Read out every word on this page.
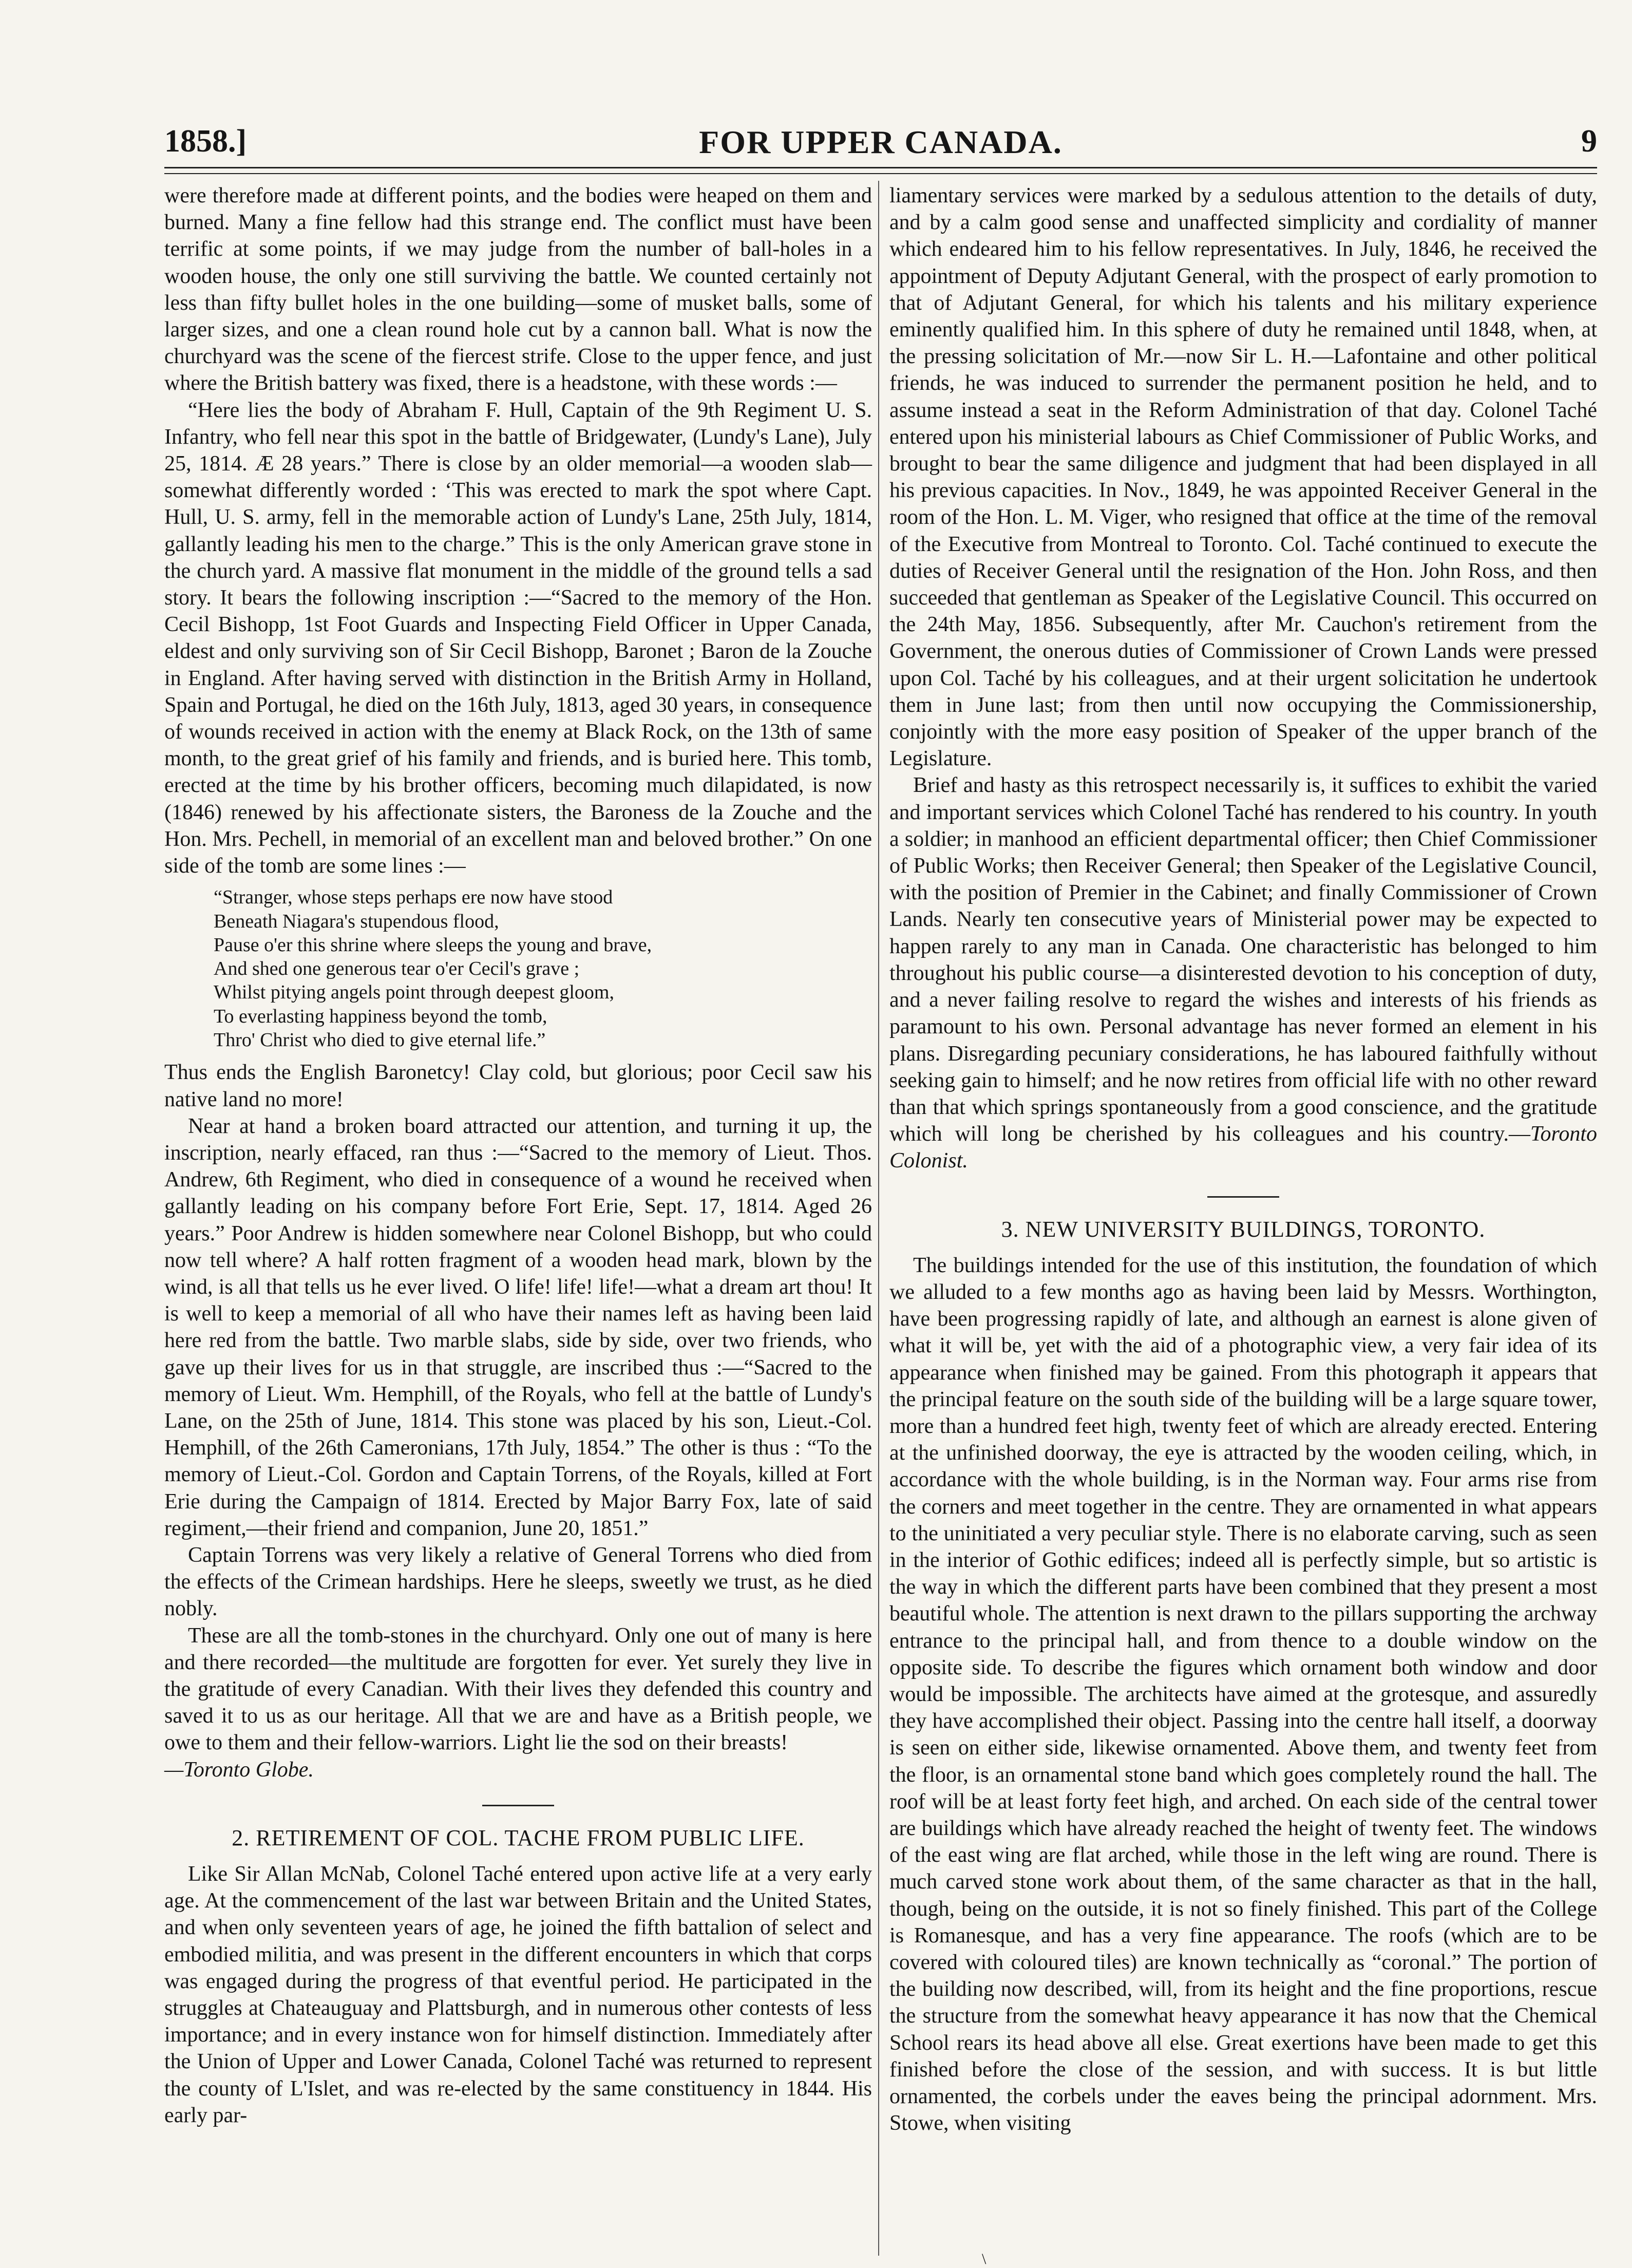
1858.]	FOR UPPER CANADA.	9

were therefore made at different points, and the bodies were heaped on them and burned. Many a fine fellow had this strange end. The conflict must have been terrific at some points, if we may judge from the number of ball-holes in a wooden house, the only one still surviving the battle. We counted certainly not less than fifty bullet holes in the one building—some of musket balls, some of larger sizes, and one a clean round hole cut by a cannon ball. What is now the churchyard was the scene of the fiercest strife. Close to the upper fence, and just where the British battery was fixed, there is a headstone, with these words :—

“Here lies the body of Abraham F. Hull, Captain of the 9th Regiment U. S. Infantry, who fell near this spot in the battle of Bridgewater, (Lundy's Lane), July 25, 1814. Æ 28 years.” There is close by an older memorial—a wooden slab—somewhat differently worded : ‘This was erected to mark the spot where Capt. Hull, U. S. army, fell in the memorable action of Lundy's Lane, 25th July, 1814, gallantly leading his men to the charge.” This is the only American grave stone in the church yard. A massive flat monument in the middle of the ground tells a sad story. It bears the following inscription :—“Sacred to the memory of the Hon. Cecil Bishopp, 1st Foot Guards and Inspecting Field Officer in Upper Canada, eldest and only surviving son of Sir Cecil Bishopp, Baronet ; Baron de la Zouche in England. After having served with distinction in the British Army in Holland, Spain and Portugal, he died on the 16th July, 1813, aged 30 years, in consequence of wounds received in action with the enemy at Black Rock, on the 13th of same month, to the great grief of his family and friends, and is buried here. This tomb, erected at the time by his brother officers, becoming much dilapidated, is now (1846) renewed by his affectionate sisters, the Baroness de la Zouche and the Hon. Mrs. Pechell, in memorial of an excellent man and beloved brother.” On one side of the tomb are some lines :—

“Stranger, whose steps perhaps ere now have stood
Beneath Niagara's stupendous flood,
Pause o'er this shrine where sleeps the young and brave,
And shed one generous tear o'er Cecil's grave ;
Whilst pitying angels point through deepest gloom,
To everlasting happiness beyond the tomb,
Thro' Christ who died to give eternal life.”

Thus ends the English Baronetcy! Clay cold, but glorious; poor Cecil saw his native land no more!

Near at hand a broken board attracted our attention, and turning it up, the inscription, nearly effaced, ran thus :—“Sacred to the memory of Lieut. Thos. Andrew, 6th Regiment, who died in consequence of a wound he received when gallantly leading on his company before Fort Erie, Sept. 17, 1814. Aged 26 years.” Poor Andrew is hidden somewhere near Colonel Bishopp, but who could now tell where? A half rotten fragment of a wooden head mark, blown by the wind, is all that tells us he ever lived. O life! life! life!—what a dream art thou! It is well to keep a memorial of all who have their names left as having been laid here red from the battle. Two marble slabs, side by side, over two friends, who gave up their lives for us in that struggle, are inscribed thus :—“Sacred to the memory of Lieut. Wm. Hemphill, of the Royals, who fell at the battle of Lundy's Lane, on the 25th of June, 1814. This stone was placed by his son, Lieut.-Col. Hemphill, of the 26th Cameronians, 17th July, 1854.” The other is thus : “To the memory of Lieut.-Col. Gordon and Captain Torrens, of the Royals, killed at Fort Erie during the Campaign of 1814. Erected by Major Barry Fox, late of said regiment,—their friend and companion, June 20, 1851.”

Captain Torrens was very likely a relative of General Torrens who died from the effects of the Crimean hardships. Here he sleeps, sweetly we trust, as he died nobly.

These are all the tomb-stones in the churchyard. Only one out of many is here and there recorded—the multitude are forgotten for ever. Yet surely they live in the gratitude of every Canadian. With their lives they defended this country and saved it to us as our heritage. All that we are and have as a British people, we owe to them and their fellow-warriors. Light lie the sod on their breasts!

—Toronto Globe.

2. RETIREMENT OF COL. TACHE FROM PUBLIC LIFE.

Like Sir Allan McNab, Colonel Taché entered upon active life at a very early age. At the commencement of the last war between Britain and the United States, and when only seventeen years of age, he joined the fifth battalion of select and embodied militia, and was present in the different encounters in which that corps was engaged during the progress of that eventful period. He participated in the struggles at Chateauguay and Plattsburgh, and in numerous other contests of less importance; and in every instance won for himself distinction. Immediately after the Union of Upper and Lower Canada, Colonel Taché was returned to represent the county of L'Islet, and was re-elected by the same constituency in 1844. His early par-

liamentary services were marked by a sedulous attention to the details of duty, and by a calm good sense and unaffected simplicity and cordiality of manner which endeared him to his fellow representatives. In July, 1846, he received the appointment of Deputy Adjutant General, with the prospect of early promotion to that of Adjutant General, for which his talents and his military experience eminently qualified him. In this sphere of duty he remained until 1848, when, at the pressing solicitation of Mr.—now Sir L. H.—Lafontaine and other political friends, he was induced to surrender the permanent position he held, and to assume instead a seat in the Reform Administration of that day. Colonel Taché entered upon his ministerial labours as Chief Commissioner of Public Works, and brought to bear the same diligence and judgment that had been displayed in all his previous capacities. In Nov., 1849, he was appointed Receiver General in the room of the Hon. L. M. Viger, who resigned that office at the time of the removal of the Executive from Montreal to Toronto. Col. Taché continued to execute the duties of Receiver General until the resignation of the Hon. John Ross, and then succeeded that gentleman as Speaker of the Legislative Council. This occurred on the 24th May, 1856. Subsequently, after Mr. Cauchon's retirement from the Government, the onerous duties of Commissioner of Crown Lands were pressed upon Col. Taché by his colleagues, and at their urgent solicitation he undertook them in June last; from then until now occupying the Commissionership, conjointly with the more easy position of Speaker of the upper branch of the Legislature.

Brief and hasty as this retrospect necessarily is, it suffices to exhibit the varied and important services which Colonel Taché has rendered to his country. In youth a soldier; in manhood an efficient departmental officer; then Chief Commissioner of Public Works; then Receiver General; then Speaker of the Legislative Council, with the position of Premier in the Cabinet; and finally Commissioner of Crown Lands. Nearly ten consecutive years of Ministerial power may be expected to happen rarely to any man in Canada. One characteristic has belonged to him throughout his public course—a disinterested devotion to his conception of duty, and a never failing resolve to regard the wishes and interests of his friends as paramount to his own. Personal advantage has never formed an element in his plans. Disregarding pecuniary considerations, he has laboured faithfully without seeking gain to himself; and he now retires from official life with no other reward than that which springs spontaneously from a good conscience, and the gratitude which will long be cherished by his colleagues and his country.—Toronto Colonist.

3. NEW UNIVERSITY BUILDINGS, TORONTO.

The buildings intended for the use of this institution, the foundation of which we alluded to a few months ago as having been laid by Messrs. Worthington, have been progressing rapidly of late, and although an earnest is alone given of what it will be, yet with the aid of a photographic view, a very fair idea of its appearance when finished may be gained. From this photograph it appears that the principal feature on the south side of the building will be a large square tower, more than a hundred feet high, twenty feet of which are already erected. Entering at the unfinished doorway, the eye is attracted by the wooden ceiling, which, in accordance with the whole building, is in the Norman way. Four arms rise from the corners and meet together in the centre. They are ornamented in what appears to the uninitiated a very peculiar style. There is no elaborate carving, such as seen in the interior of Gothic edifices; indeed all is perfectly simple, but so artistic is the way in which the different parts have been combined that they present a most beautiful whole. The attention is next drawn to the pillars supporting the archway entrance to the principal hall, and from thence to a double window on the opposite side. To describe the figures which ornament both window and door would be impossible. The architects have aimed at the grotesque, and assuredly they have accomplished their object. Passing into the centre hall itself, a doorway is seen on either side, likewise ornamented. Above them, and twenty feet from the floor, is an ornamental stone band which goes completely round the hall. The roof will be at least forty feet high, and arched. On each side of the central tower are buildings which have already reached the height of twenty feet. The windows of the east wing are flat arched, while those in the left wing are round. There is much carved stone work about them, of the same character as that in the hall, though, being on the outside, it is not so finely finished. This part of the College is Romanesque, and has a very fine appearance. The roofs (which are to be covered with coloured tiles) are known technically as “coronal.” The portion of the building now described, will, from its height and the fine proportions, rescue the structure from the somewhat heavy appearance it has now that the Chemical School rears its head above all else. Great exertions have been made to get this finished before the close of the session, and with success. It is but little ornamented, the corbels under the eaves being the principal adornment. Mrs. Stowe, when visiting

\
